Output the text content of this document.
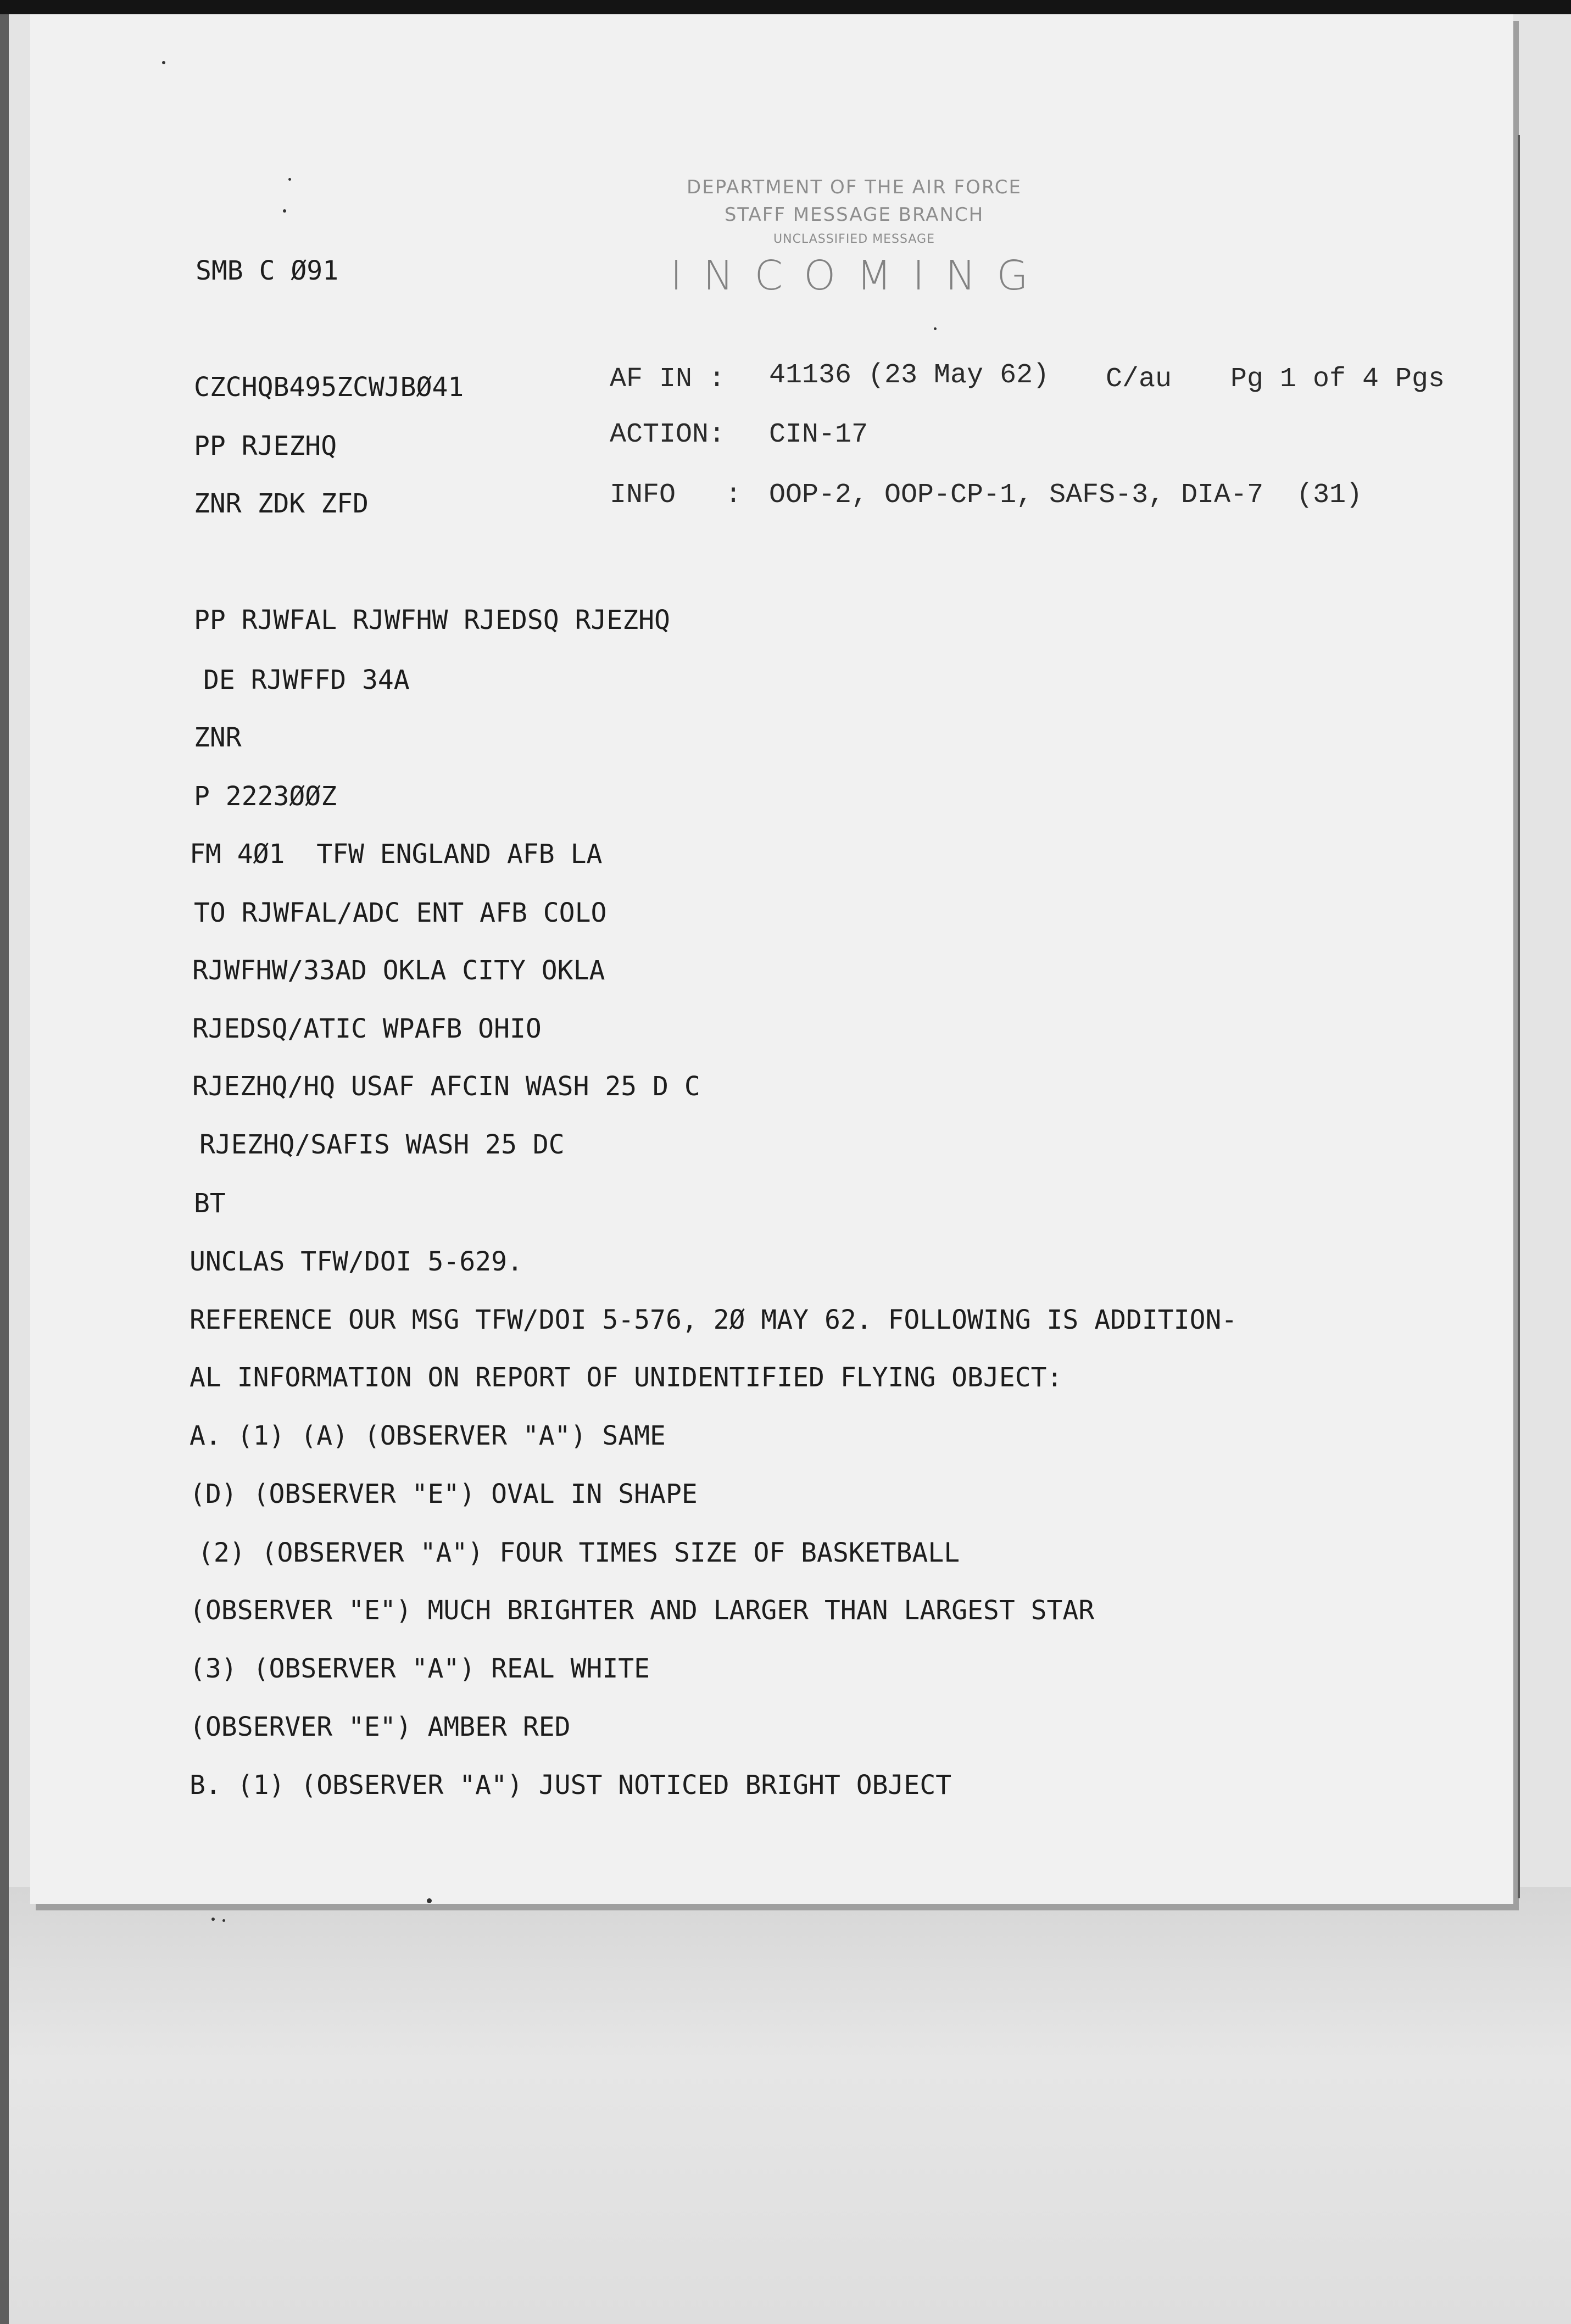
DEPARTMENT OF THE AIR FORCE
STAFF MESSAGE BRANCH
UNCLASSIFIED MESSAGE
INCOMING
SMB C Ø91
CZCHQB495ZCWJBØ41
PP RJEZHQ
ZNR ZDK ZFD
AF IN : 41136 (23 May 62) C/au Pg 1 of 4 Pgs
ACTION: CIN-17
INFO   : OOP-2, OOP-CP-1, SAFS-3, DIA-7  (31)
PP RJWFAL RJWFHW RJEDSQ RJEZHQ
DE RJWFFD 34A
ZNR
P 2223ØØZ
FM 4Ø1  TFW ENGLAND AFB LA
TO RJWFAL/ADC ENT AFB COLO
RJWFHW/33AD OKLA CITY OKLA
RJEDSQ/ATIC WPAFB OHIO
RJEZHQ/HQ USAF AFCIN WASH 25 D C
RJEZHQ/SAFIS WASH 25 DC
BT
UNCLAS TFW/DOI 5-629.
REFERENCE OUR MSG TFW/DOI 5-576, 2Ø MAY 62. FOLLOWING IS ADDITION-
AL INFORMATION ON REPORT OF UNIDENTIFIED FLYING OBJECT:
A. (1) (A) (OBSERVER "A") SAME
(D) (OBSERVER "E") OVAL IN SHAPE
(2) (OBSERVER "A") FOUR TIMES SIZE OF BASKETBALL
(OBSERVER "E") MUCH BRIGHTER AND LARGER THAN LARGEST STAR
(3) (OBSERVER "A") REAL WHITE
(OBSERVER "E") AMBER RED
B. (1) (OBSERVER "A") JUST NOTICED BRIGHT OBJECT
